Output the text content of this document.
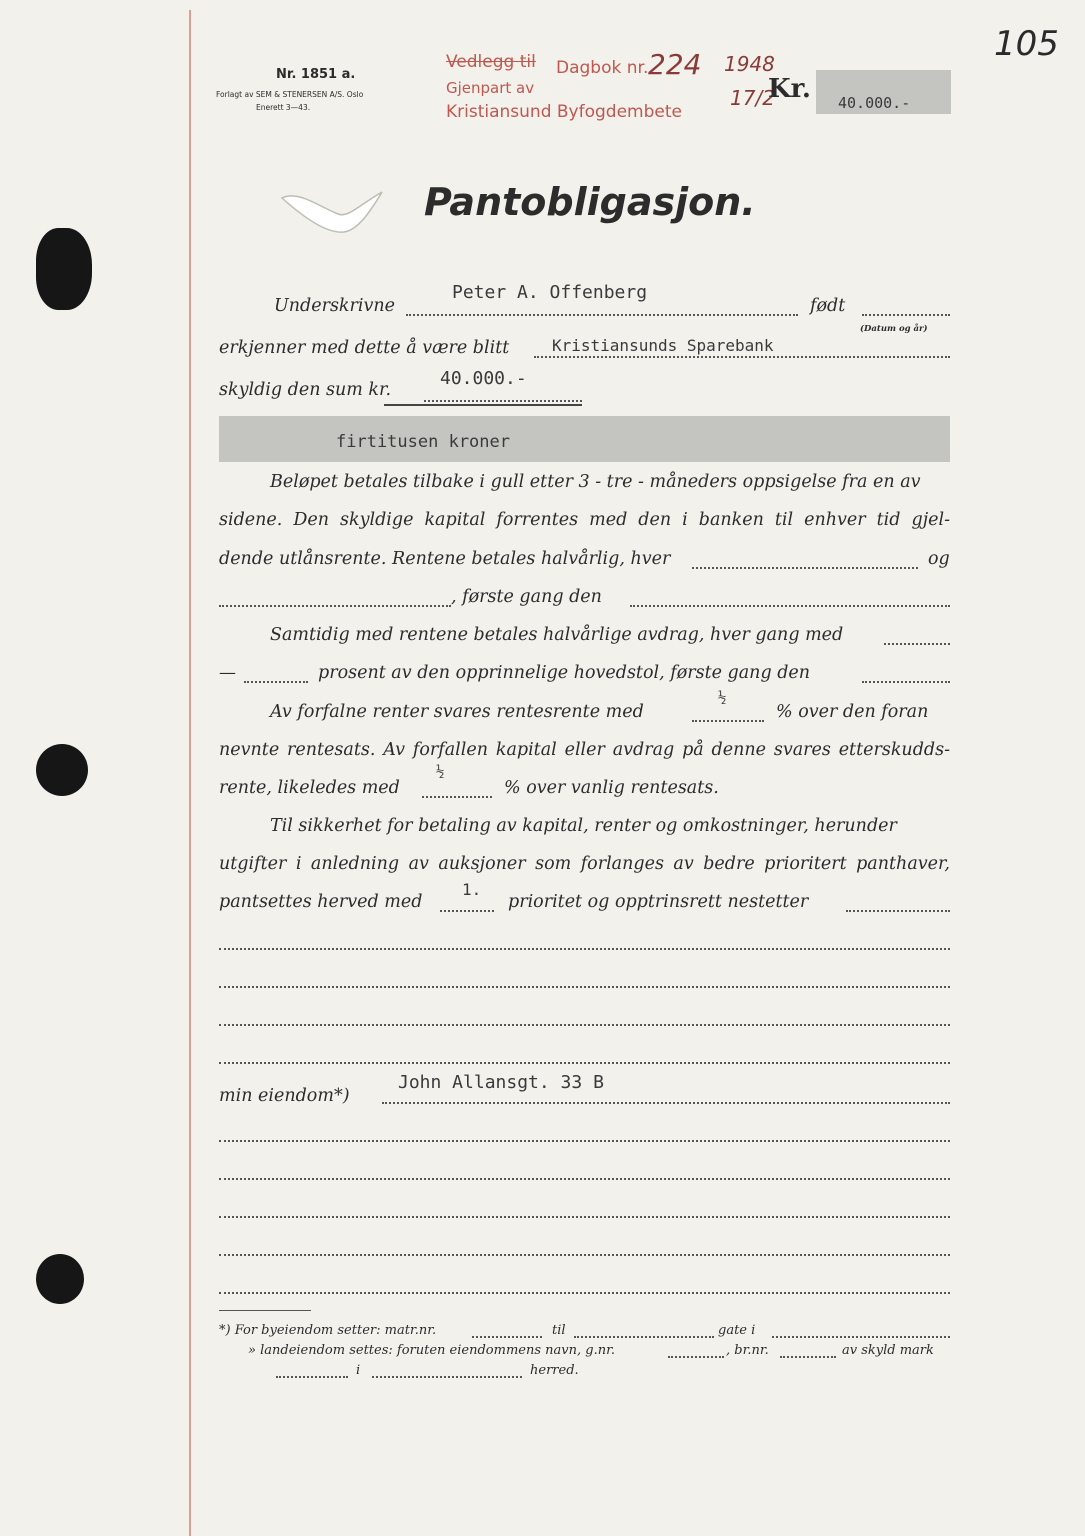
105
Nr. 1851 a.
Forlagt av SEM & STENERSEN A/S. Oslo
Enerett 3—43.
Vedlegg til Dagbok nr. 224 1948
Gjenpart av
Kristiansund Byfogdembete
17/2
Kr. 40.000.-
Pantobligasjon.
Underskrivne
Peter A. Offenberg
født
(Datum og år)
erkjenner med dette å være blitt	Kristiansunds Sparebank
skyldig den sum kr.
40.000.-
firtitusen kroner
Beløpet betales tilbake i gull etter 3 - tre - måneders oppsigelse fra en av
sidene. Den skyldige kapital forrentes med den i banken til enhver tid gjel-
dende utlånsrente. Rentene betales halvårlig, hver	og
, første gang den
Samtidig med rentene betales halvårlige avdrag, hver gang med
—	prosent av den opprinnelige hovedstol, første gang den
Av forfalne renter svares rentesrente med
½
% over den foran
nevnte rentesats. Av forfallen kapital eller avdrag på denne svares etterskudds-
rente, likeledes med
½
% over vanlig rentesats.
Til sikkerhet for betaling av kapital, renter og omkostninger, herunder
utgifter i anledning av auksjoner som forlanges av bedre prioritert panthaver,
pantsettes herved med
1.
prioritet og opptrinsrett nestetter
min eiendom*)
John Allansgt. 33 B
*) For byeiendom setter: matr.nr.	til	gate i
» landeiendom settes: foruten eiendommens navn, g.nr.	, br.nr.	av skyld mark
i	herred.
